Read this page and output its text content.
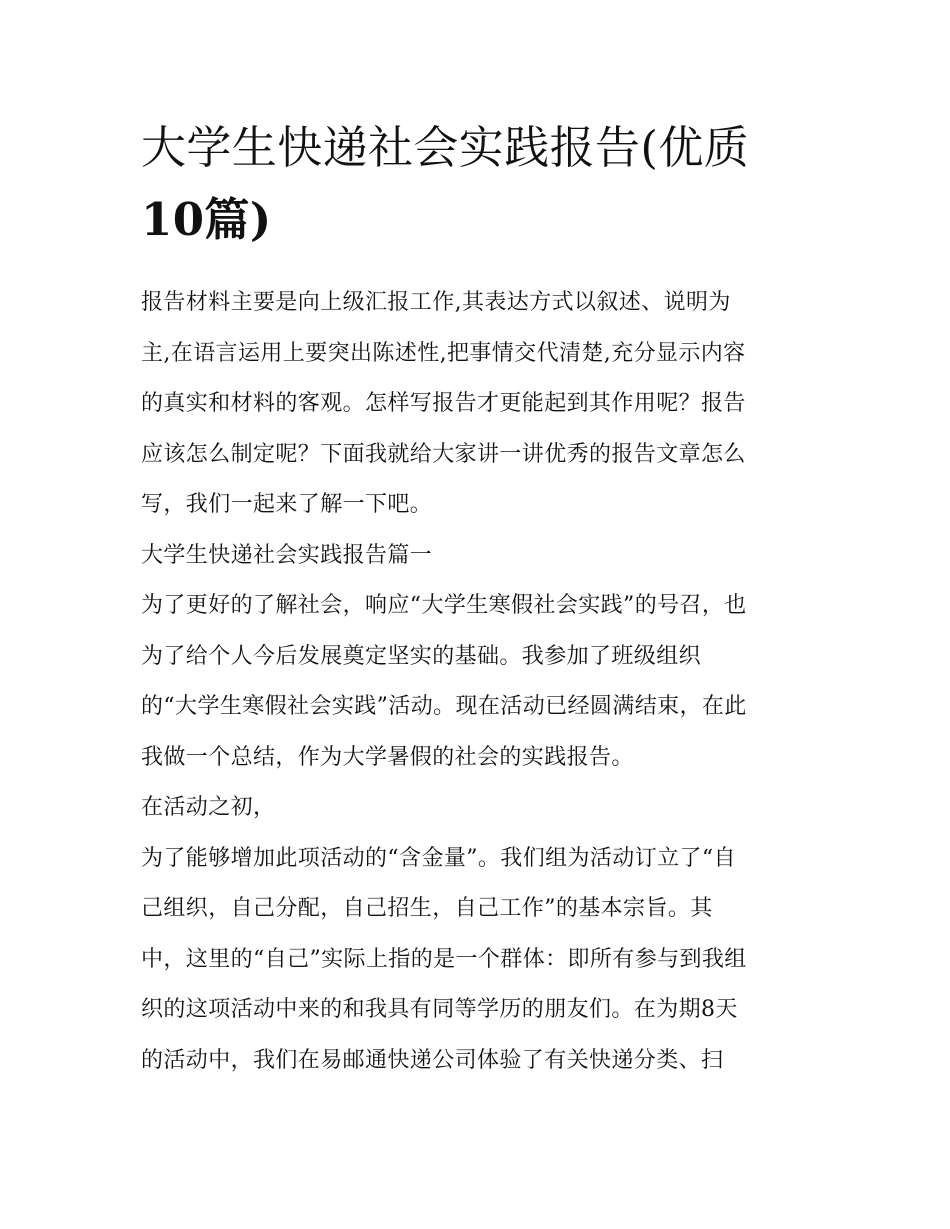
大学生快递社会实践报告(优质
10篇)
报告材料主要是向上级汇报工作,其表达方式以叙述、说明为
主,在语言运用上要突出陈述性,把事情交代清楚,充分显示内容
的真实和材料的客观。怎样写报告才更能起到其作用呢？报告
应该怎么制定呢？下面我就给大家讲一讲优秀的报告文章怎么
写，我们一起来了解一下吧。
大学生快递社会实践报告篇一
为了更好的了解社会，响应“大学生寒假社会实践”的号召，也
为了给个人今后发展奠定坚实的基础。我参加了班级组织
的“大学生寒假社会实践”活动。现在活动已经圆满结束，在此
我做一个总结，作为大学暑假的社会的实践报告。
在活动之初，
为了能够增加此项活动的“含金量”。我们组为活动订立了“自
己组织，自己分配，自己招生，自己工作”的基本宗旨。其
中，这里的“自己”实际上指的是一个群体：即所有参与到我组
织的这项活动中来的和我具有同等学历的朋友们。在为期8天
的活动中，我们在易邮通快递公司体验了有关快递分类、扫
